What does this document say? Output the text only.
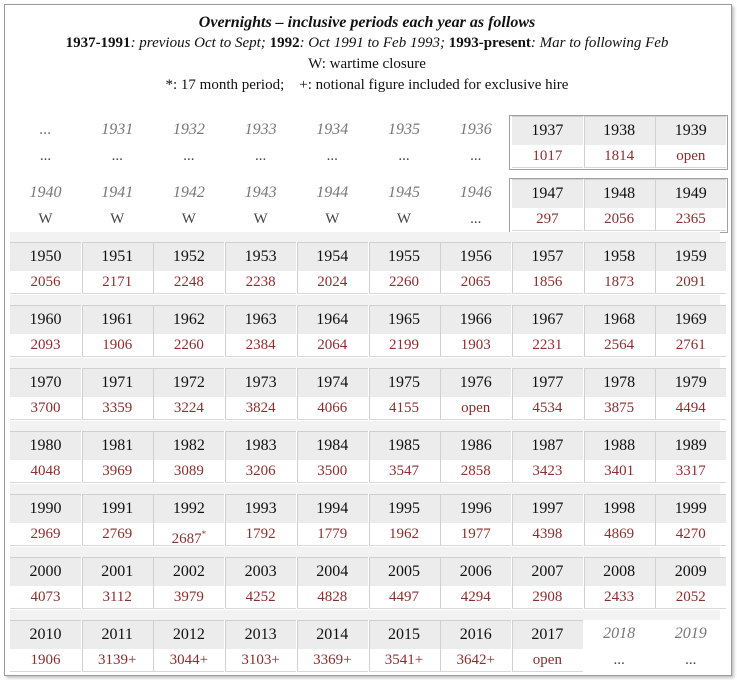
Overnights – inclusive periods each year as follows
1937-1991: previous Oct to Sept; 1992: Oct 1991 to Feb 1993; 1993-present: Mar to following Feb
W: wartime closure
*: 17 month period;    +: notional figure included for exclusive hire
...
...
1931
...
1932
...
1933
...
1934
...
1935
...
1936
...
1937
1017
1938
1814
1939
open
1940
W
1941
W
1942
W
1943
W
1944
W
1945
W
1946
...
1947
297
1948
2056
1949
2365
1950
2056
1951
2171
1952
2248
1953
2238
1954
2024
1955
2260
1956
2065
1957
1856
1958
1873
1959
2091
1960
2093
1961
1906
1962
2260
1963
2384
1964
2064
1965
2199
1966
1903
1967
2231
1968
2564
1969
2761
1970
3700
1971
3359
1972
3224
1973
3824
1974
4066
1975
4155
1976
open
1977
4534
1978
3875
1979
4494
1980
4048
1981
3969
1982
3089
1983
3206
1984
3500
1985
3547
1986
2858
1987
3423
1988
3401
1989
3317
1990
2969
1991
2769
1992
2687*
1993
1792
1994
1779
1995
1962
1996
1977
1997
4398
1998
4869
1999
4270
2000
4073
2001
3112
2002
3979
2003
4252
2004
4828
2005
4497
2006
4294
2007
2908
2008
2433
2009
2052
2010
1906
2011
3139+
2012
3044+
2013
3103+
2014
3369+
2015
3541+
2016
3642+
2017
open
2018
...
2019
...
